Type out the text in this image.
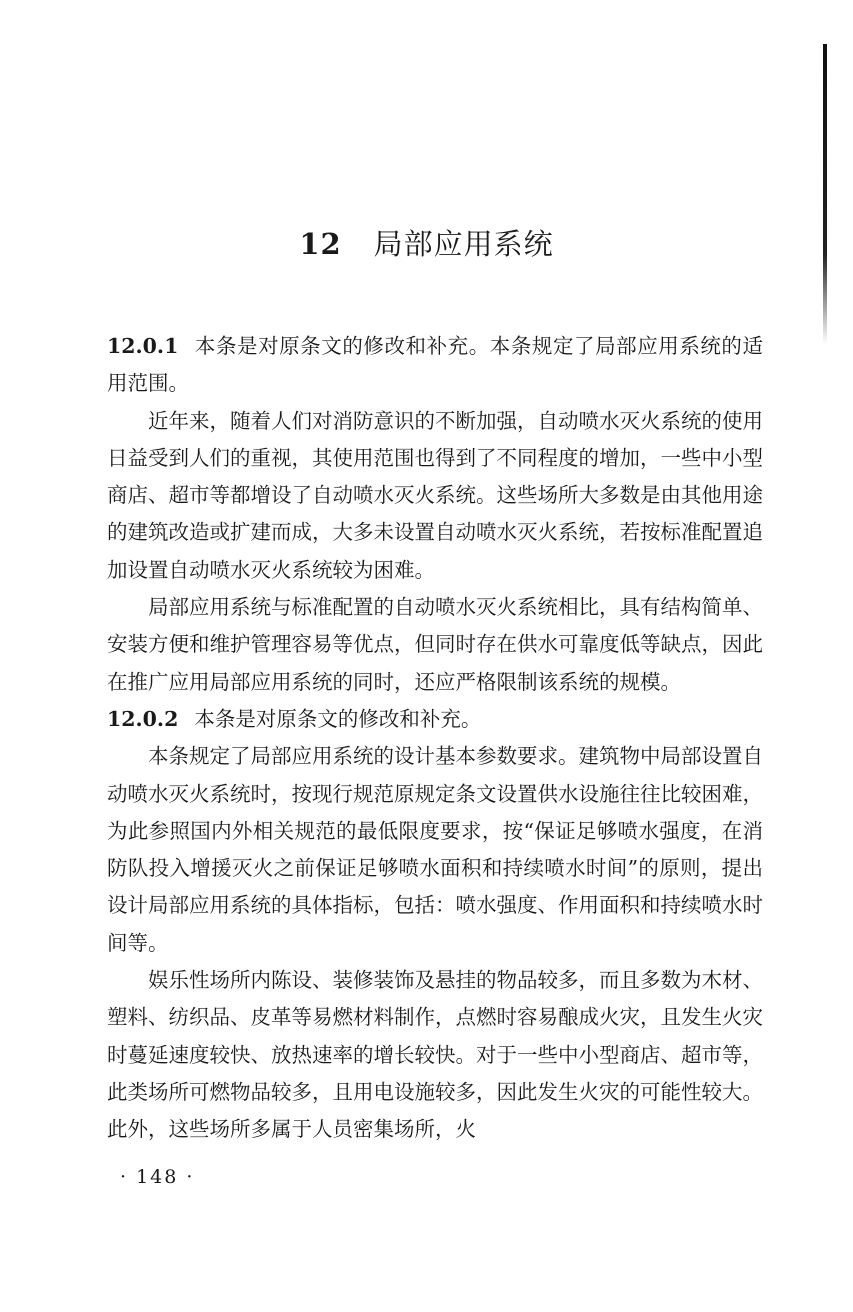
12 局部应用系统

12.0.1 本条是对原条文的修改和补充。本条规定了局部应用系统的适用范围。

近年来，随着人们对消防意识的不断加强，自动喷水灭火系统的使用日益受到人们的重视，其使用范围也得到了不同程度的增加，一些中小型商店、超市等都增设了自动喷水灭火系统。这些场所大多数是由其他用途的建筑改造或扩建而成，大多未设置自动喷水灭火系统，若按标准配置追加设置自动喷水灭火系统较为困难。

局部应用系统与标准配置的自动喷水灭火系统相比，具有结构简单、安装方便和维护管理容易等优点，但同时存在供水可靠度低等缺点，因此在推广应用局部应用系统的同时，还应严格限制该系统的规模。

12.0.2 本条是对原条文的修改和补充。

本条规定了局部应用系统的设计基本参数要求。建筑物中局部设置自动喷水灭火系统时，按现行规范原规定条文设置供水设施往往比较困难，为此参照国内外相关规范的最低限度要求，按“保证足够喷水强度，在消防队投入增援灭火之前保证足够喷水面积和持续喷水时间”的原则，提出设计局部应用系统的具体指标，包括：喷水强度、作用面积和持续喷水时间等。

娱乐性场所内陈设、装修装饰及悬挂的物品较多，而且多数为木材、塑料、纺织品、皮革等易燃材料制作，点燃时容易酿成火灾，且发生火灾时蔓延速度较快、放热速率的增长较快。对于一些中小型商店、超市等，此类场所可燃物品较多，且用电设施较多，因此发生火灾的可能性较大。此外，这些场所多属于人员密集场所，火

· 148 ·
